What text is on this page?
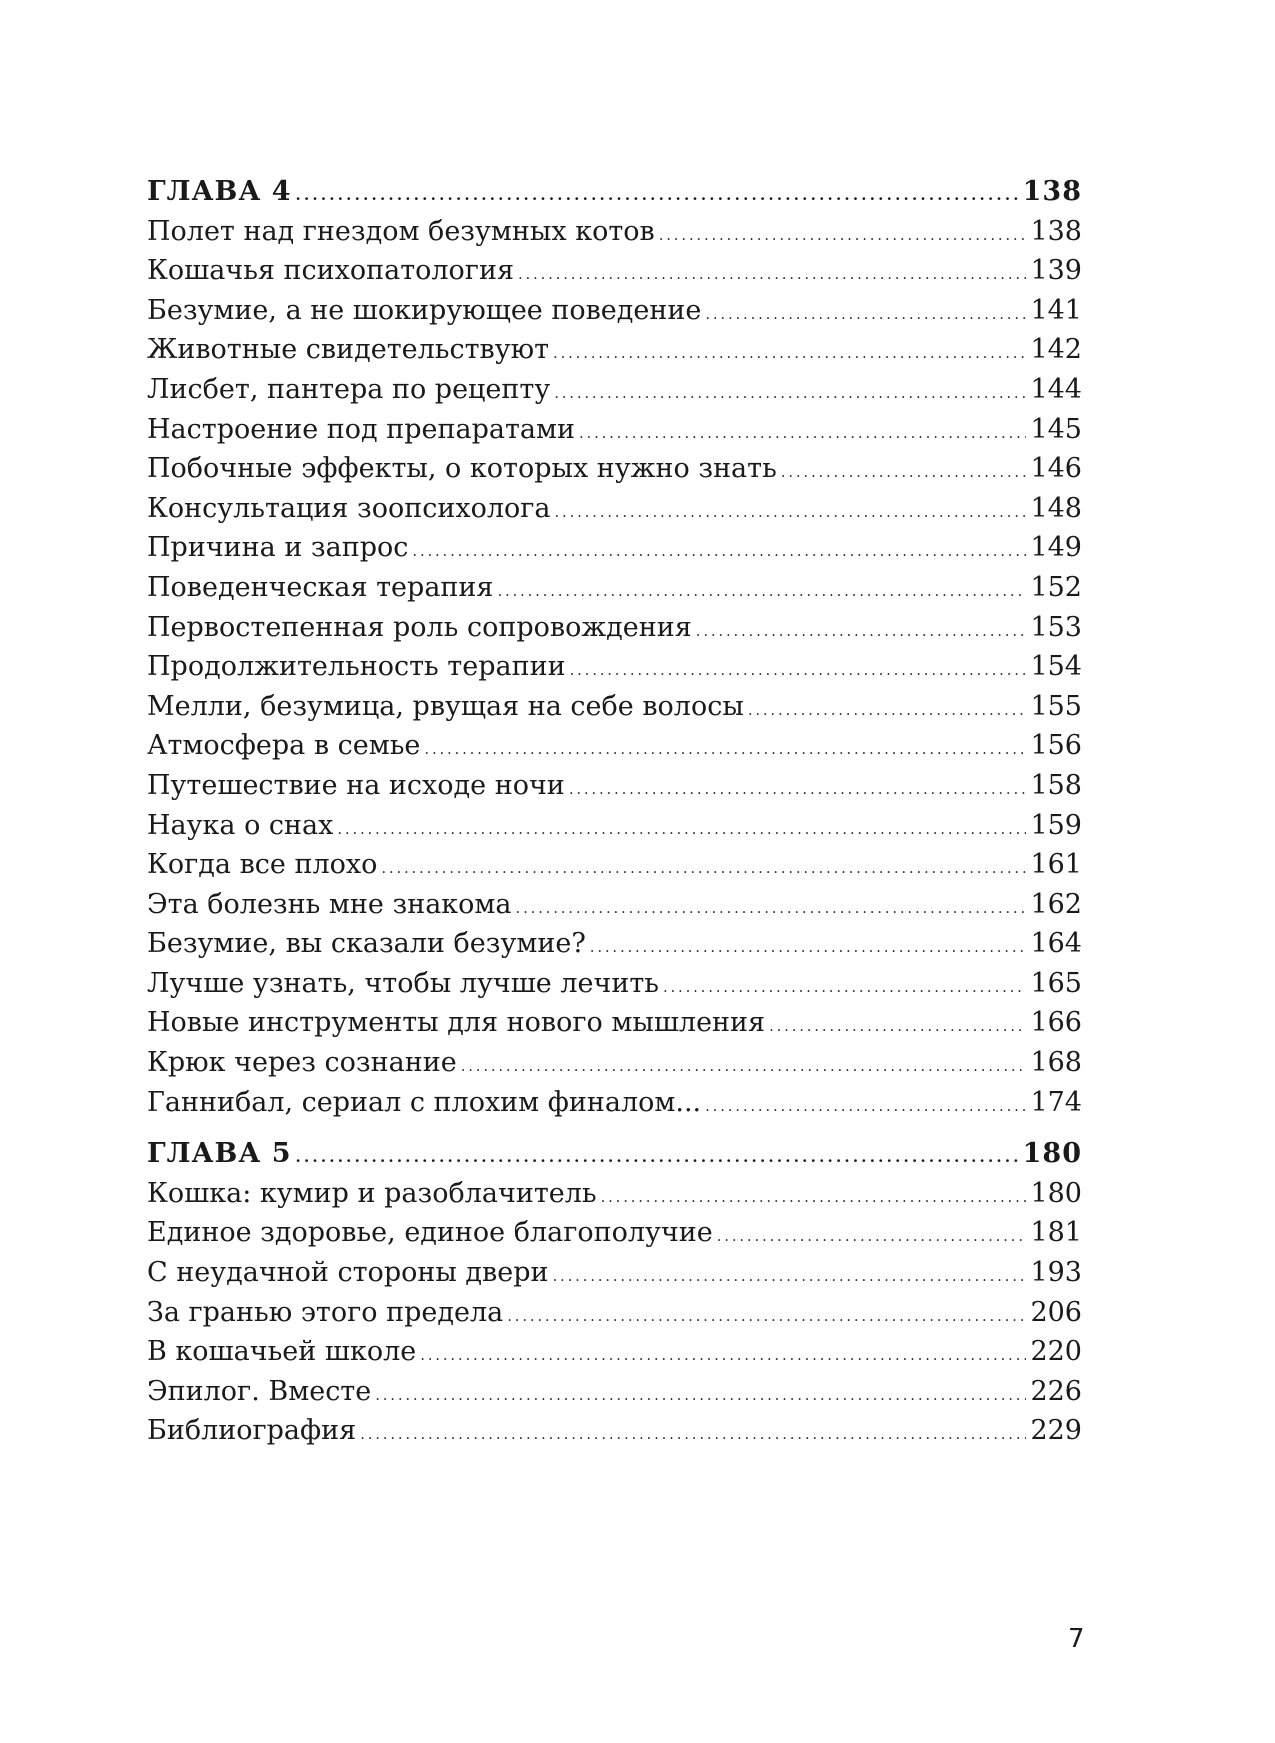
ГЛАВА 4 . . .	138
Полет над гнездом безумных котов . . .	138
Кошачья психопатология . . .	139
Безумие, а не шокирующее поведение . . .	141
Животные свидетельствуют . . .	142
Лисбет, пантера по рецепту . . .	144
Настроение под препаратами . . .	145
Побочные эффекты, о которых нужно знать . . .	146
Консультация зоопсихолога . . .	148
Причина и запрос . . .	149
Поведенческая терапия . . .	152
Первостепенная роль сопровождения . . .	153
Продолжительность терапии . . .	154
Мелли, безумица, рвущая на себе волосы . . .	155
Атмосфера в семье . . .	156
Путешествие на исходе ночи . . .	158
Наука о снах . . .	159
Когда все плохо . . .	161
Эта болезнь мне знакома . . .	162
Безумие, вы сказали безумие? . . .	164
Лучше узнать, чтобы лучше лечить . . .	165
Новые инструменты для нового мышления . . .	166
Крюк через сознание . . .	168
Ганнибал, сериал с плохим финалом... . . .	174
ГЛАВА 5 . . .	180
Кошка: кумир и разоблачитель . . .	180
Единое здоровье, единое благополучие . . .	181
С неудачной стороны двери . . .	193
За гранью этого предела . . .	206
В кошачьей школе . . .	220
Эпилог. Вместе . . .	226
Библиография . . .	229
7
